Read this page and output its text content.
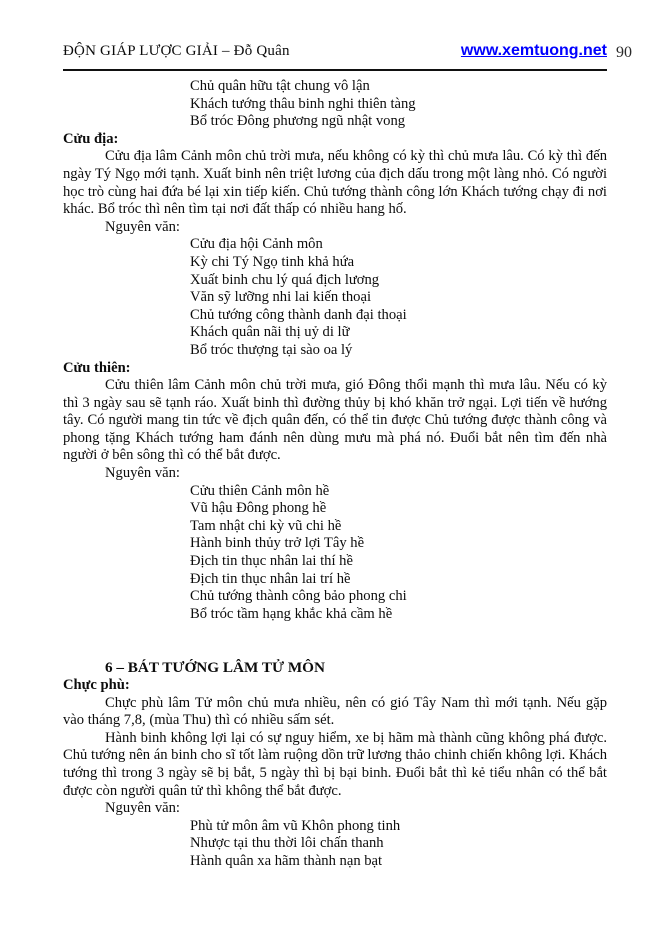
ĐỘN GIÁP LƯỢC GIẢI – Đỗ Quân	www.xemtuong.net 90
Chủ quân hữu tật chung vô lận
Khách tướng thâu binh nghi thiên tàng
Bổ tróc Đông phương ngũ nhật vong
Cửu địa:

Cửu địa lâm Cảnh môn chủ trời mưa, nếu không có kỳ thì chủ mưa lâu. Có kỳ thì đến ngày Tý Ngọ mới tạnh. Xuất binh nên triệt lương của địch dấu trong một làng nhỏ. Có người học trò cùng hai đứa bé lại xin tiếp kiến. Chủ tướng thành công lớn Khách tướng chạy đi nơi khác. Bổ tróc thì nên tìm tại nơi đất thấp có nhiều hang hố.

Nguyên văn:
Cửu địa hội Cảnh môn
Kỳ chi Tý Ngọ tinh khả hứa
Xuất binh chu lý quá địch lương
Văn sỹ lưỡng nhi lai kiến thoại
Chủ tướng công thành danh đại thoại
Khách quân nãi thị uỷ di lữ
Bổ tróc thượng tại sào oa lý
Cửu thiên:

Cửu thiên lâm Cảnh môn chủ trời mưa, gió Đông thổi mạnh thì mưa lâu. Nếu có kỳ thì 3 ngày sau sẽ tạnh ráo. Xuất binh thì đường thủy bị khó khăn trở ngại. Lợi tiến về hướng tây. Có người mang tin tức về địch quân đến, có thể tin được Chủ tướng được thành công và phong tặng Khách tướng ham đánh nên dùng mưu mà phá nó. Đuổi bắt nên tìm đến nhà người ở bên sông thì có thể bắt được.

Nguyên văn:
Cửu thiên Cảnh môn hề
Vũ hậu Đông phong hề
Tam nhật chi kỳ vũ chi hề
Hành binh thủy trở lợi Tây hề
Địch tin thục nhân lai thí hề
Địch tin thục nhân lai trí hề
Chủ tướng thành công bảo phong chi
Bổ tróc tầm hạng khắc khả cầm hề
6 – BÁT TƯỚNG LÂM TỬ MÔN
Chực phù:

Chực phù lâm Tử môn chủ mưa nhiều, nên có gió Tây Nam thì mới tạnh. Nếu gặp vào tháng 7,8, (mùa Thu) thì có nhiều sấm sét.

Hành binh không lợi lại có sự nguy hiểm, xe bị hãm mà thành cũng không phá được. Chủ tướng nên án binh cho sĩ tốt làm ruộng dồn trữ lương thảo chinh chiến không lợi. Khách tướng thì trong 3 ngày sẽ bị bắt, 5 ngày thì bị bại binh. Đuổi bắt thì kẻ tiểu nhân có thể bắt được còn người quân tử thì không thể bắt được.

Nguyên văn:
Phù tử môn âm vũ Khôn phong tinh
Nhược tại thu thời lôi chấn thanh
Hành quân xa hãm thành nạn bạt
